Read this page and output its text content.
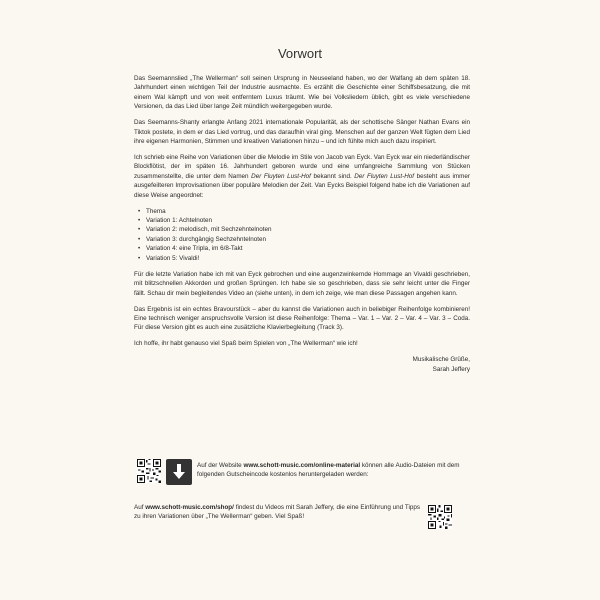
Vorwort

Das Seemannslied „The Wellerman“ soll seinen Ursprung in Neuseeland haben, wo der Walfang ab dem späten 18. Jahrhundert einen wichtigen Teil der Industrie ausmachte. Es erzählt die Geschichte einer Schiffsbesatzung, die mit einem Wal kämpft und von weit entferntem Luxus träumt. Wie bei Volksliedern üblich, gibt es viele verschiedene Versionen, da das Lied über lange Zeit mündlich weitergegeben wurde.

Das Seemanns-Shanty erlangte Anfang 2021 internationale Popularität, als der schottische Sänger Nathan Evans ein Tiktok postete, in dem er das Lied vortrug, und das daraufhin viral ging. Menschen auf der ganzen Welt fügten dem Lied ihre eigenen Harmonien, Stimmen und kreativen Variationen hinzu – und ich fühlte mich auch dazu inspiriert.

Ich schrieb eine Reihe von Variationen über die Melodie im Stile von Jacob van Eyck. Van Eyck war ein niederländischer Blockflötist, der im späten 16. Jahrhundert geboren wurde und eine umfangreiche Sammlung von Stücken zusammenstellte, die unter dem Namen Der Fluyten Lust-Hof bekannt sind. Der Fluyten Lust-Hof besteht aus immer ausgefeilteren Improvisationen über populäre Melodien der Zeit. Van Eycks Beispiel folgend habe ich die Variationen auf diese Weise angeordnet:

• Thema
• Variation 1: Achtelnoten
• Variation 2: melodisch, mit Sechzehntelnoten
• Variation 3: durchgängig Sechzehntelnoten
• Variation 4: eine Tripla, im 6/8-Takt
• Variation 5: Vivaldi!

Für die letzte Variation habe ich mit van Eyck gebrochen und eine augenzwinkernde Hommage an Vivaldi geschrieben, mit blitzschnellen Akkorden und großen Sprüngen. Ich habe sie so geschrieben, dass sie sehr leicht unter die Finger fällt. Schau dir mein begleitendes Video an (siehe unten), in dem ich zeige, wie man diese Passagen angehen kann.

Das Ergebnis ist ein echtes Bravourstück – aber du kannst die Variationen auch in beliebiger Reihenfolge kombinieren! Eine technisch weniger anspruchsvolle Version ist diese Reihenfolge: Thema – Var. 1 – Var. 2 – Var. 4 – Var. 3 – Coda. Für diese Version gibt es auch eine zusätzliche Klavierbegleitung (Track 3).

Ich hoffe, ihr habt genauso viel Spaß beim Spielen von „The Wellerman“ wie ich!

Musikalische Grüße,
Sarah Jeffery

Auf der Website www.schott-music.com/online-material können alle Audio-Dateien mit dem folgenden Gutscheincode kostenlos heruntergeladen werden:
Auf www.schott-music.com/shop/ findest du Videos mit Sarah Jeffery, die eine Einführung und Tipps zu ihren Variationen über „The Wellerman“ geben. Viel Spaß!
